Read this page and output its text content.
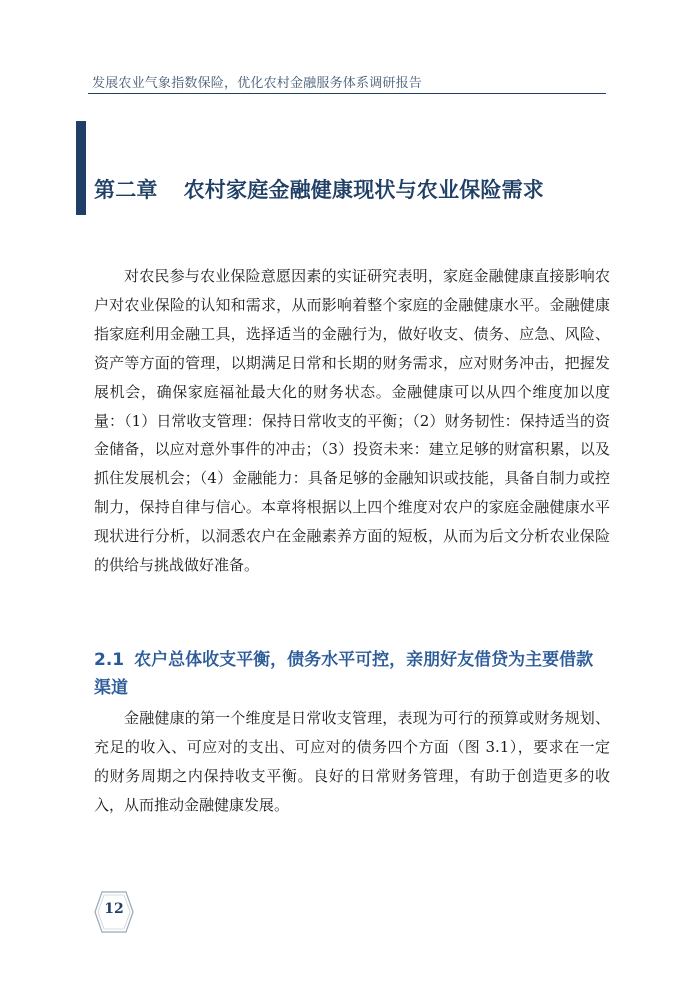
发展农业气象指数保险，优化农村金融服务体系调研报告
第二章 农村家庭金融健康现状与农业保险需求

对农民参与农业保险意愿因素的实证研究表明，家庭金融健康直接影响农户对农业保险的认知和需求，从而影响着整个家庭的金融健康水平。金融健康指家庭利用金融工具，选择适当的金融行为，做好收支、债务、应急、风险、资产等方面的管理，以期满足日常和长期的财务需求，应对财务冲击，把握发展机会，确保家庭福祉最大化的财务状态。金融健康可以从四个维度加以度量：（1）日常收支管理：保持日常收支的平衡；（2）财务韧性：保持适当的资金储备，以应对意外事件的冲击；（3）投资未来：建立足够的财富积累，以及抓住发展机会；（4）金融能力：具备足够的金融知识或技能，具备自制力或控制力，保持自律与信心。本章将根据以上四个维度对农户的家庭金融健康水平现状进行分析，以洞悉农户在金融素养方面的短板，从而为后文分析农业保险的供给与挑战做好准备。

2.1 农户总体收支平衡，债务水平可控，亲朋好友借贷为主要借款渠道

金融健康的第一个维度是日常收支管理，表现为可行的预算或财务规划、充足的收入、可应对的支出、可应对的债务四个方面（图 3.1），要求在一定的财务周期之内保持收支平衡。良好的日常财务管理，有助于创造更多的收入，从而推动金融健康发展。

12
